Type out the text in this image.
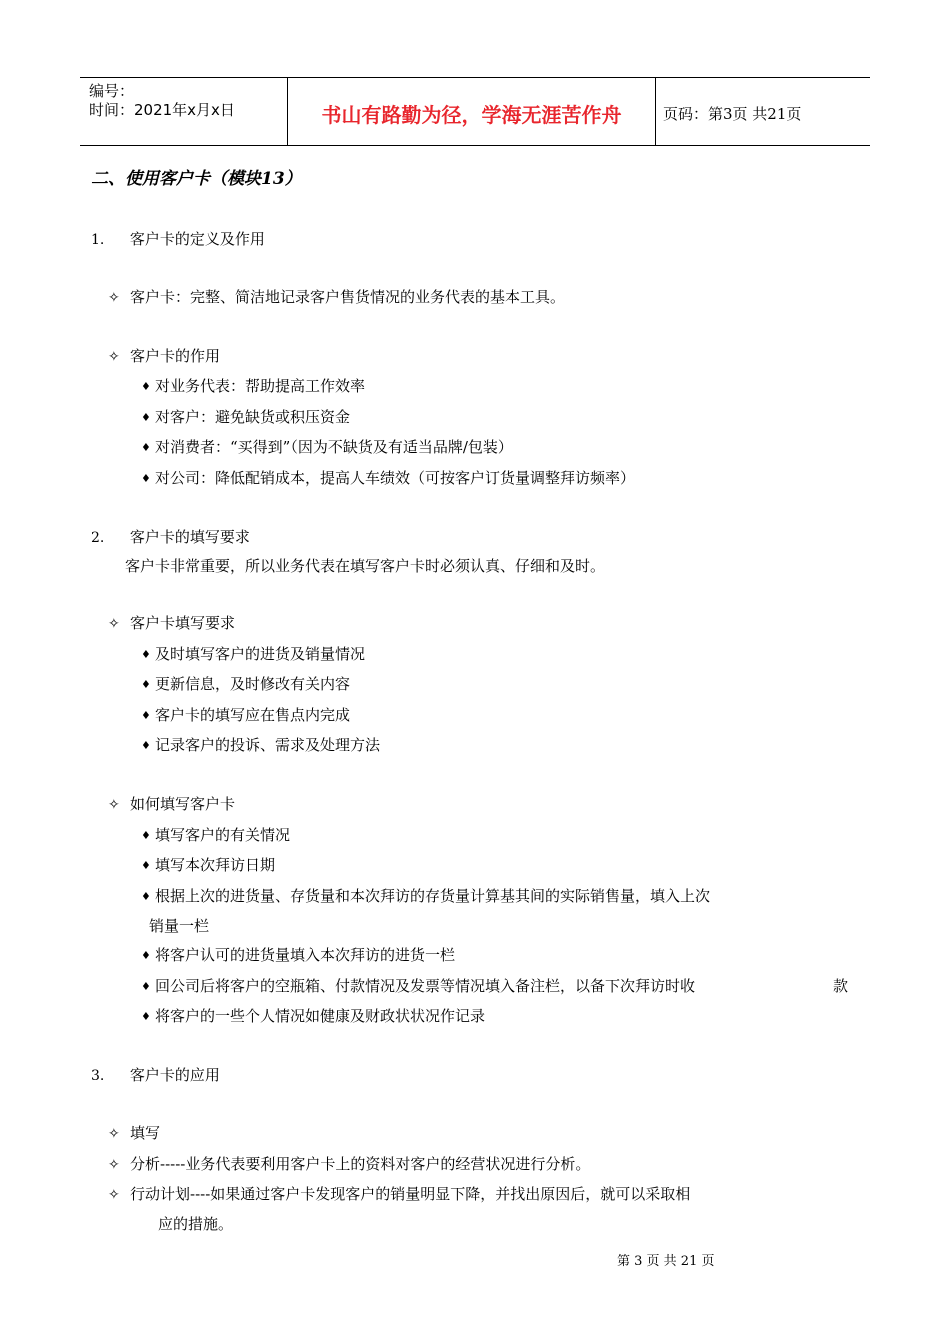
编号：
时间：2021年x月x日	书山有路勤为径，学海无涯苦作舟	页码：第3页 共21页
二、使用客户卡（模块13）
1. 客户卡的定义及作用
✧ 客户卡：完整、简洁地记录客户售货情况的业务代表的基本工具。
✧ 客户卡的作用
♦ 对业务代表：帮助提高工作效率
♦ 对客户：避免缺货或积压资金
♦ 对消费者：“买得到”（因为不缺货及有适当品牌/包装）
♦ 对公司：降低配销成本，提高人车绩效（可按客户订货量调整拜访频率）
2. 客户卡的填写要求
客户卡非常重要，所以业务代表在填写客户卡时必须认真、仔细和及时。
✧ 客户卡填写要求
♦ 及时填写客户的进货及销量情况
♦ 更新信息，及时修改有关内容
♦ 客户卡的填写应在售点内完成
♦ 记录客户的投诉、需求及处理方法
✧ 如何填写客户卡
♦ 填写客户的有关情况
♦ 填写本次拜访日期
♦ 根据上次的进货量、存货量和本次拜访的存货量计算基其间的实际销售量，填入上次
销量一栏
♦ 将客户认可的进货量填入本次拜访的进货一栏
♦ 回公司后将客户的空瓶箱、付款情况及发票等情况填入备注栏，以备下次拜访时收	款
♦ 将客户的一些个人情况如健康及财政状状况作记录
3. 客户卡的应用
✧ 填写
✧ 分析-----业务代表要利用客户卡上的资料对客户的经营状况进行分析。
✧ 行动计划----如果通过客户卡发现客户的销量明显下降，并找出原因后，就可以采取相
应的措施。
第 3 页 共 21 页
